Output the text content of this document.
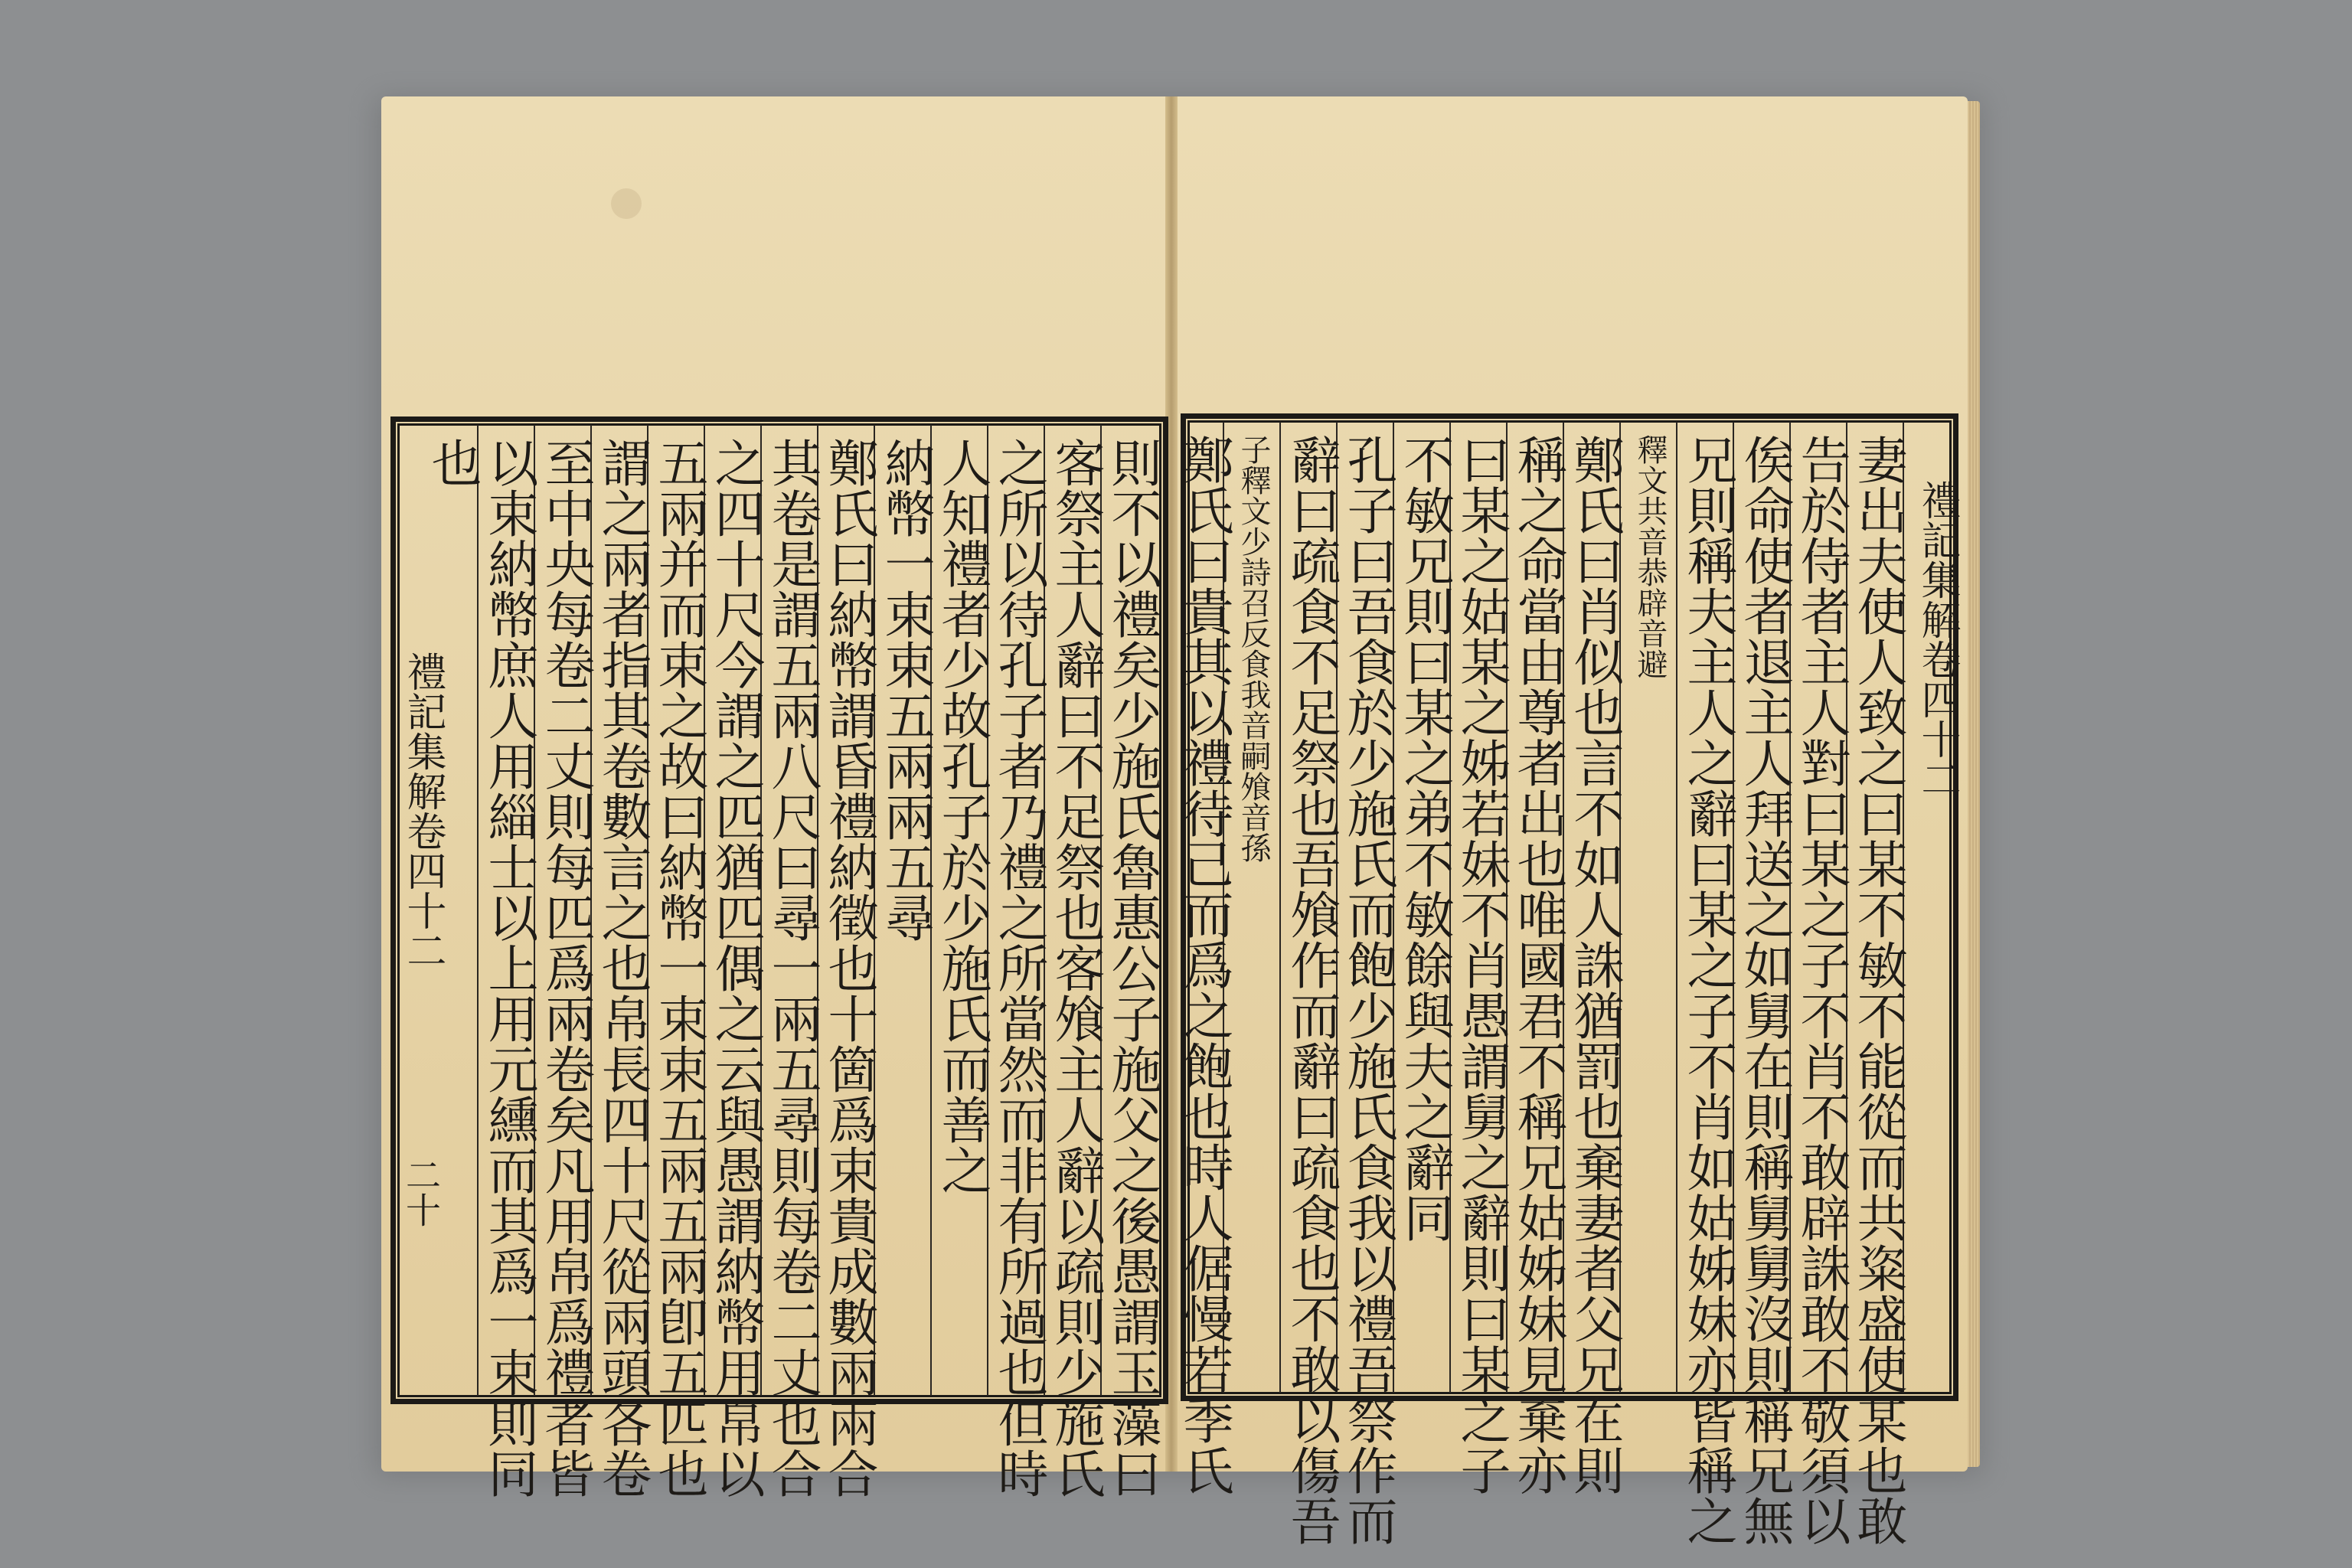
則不以禮矣少施氏魯惠公子施父之後愚謂玉藻曰
客祭主人辭曰不足祭也客飧主人辭以疏則少施氏
之所以待孔子者乃禮之所當然而非有所過也但時
人知禮者少故孔子於少施氏而善之
納幣一束束五兩兩五尋
鄭氏曰納幣謂昏禮納徵也十箇爲束貴成數兩兩合
其卷是謂五兩八尺曰尋一兩五尋則每卷二丈也合
之四十尺今謂之匹猶匹偶之云與愚謂納幣用帛以
五兩并而束之故曰納幣一束束五兩五兩卽五匹也
謂之兩者指其卷數言之也帛長四十尺從兩頭各卷
至中央每卷二丈則每匹爲兩卷矣凡用帛爲禮者皆
以束納幣庶人用緇士以上用元纁而其爲一束則同
也
禮記集解卷四十二
二十
禮記集解卷四十二
妻出夫使人致之曰某不敏不能從而共粢盛使某也敢
告於侍者主人對曰某之子不肖不敢辟誅敢不敬須以
俟命使者退主人拜送之如舅在則稱舅舅沒則稱兄無
兄則稱夫主人之辭曰某之子不肖如姑姊妹亦皆稱之
釋文共音恭辟音避
鄭氏曰肖似也言不如人誅猶罰也棄妻者父兄在則
稱之命當由尊者出也唯國君不稱兄姑姊妹見棄亦
曰某之姑某之姊若妹不肖愚謂舅之辭則曰某之子
不敏兄則曰某之弟不敏餘與夫之辭同
孔子曰吾食於少施氏而飽少施氏食我以禮吾祭作而
辭曰疏食不足祭也吾飧作而辭曰疏食也不敢以傷吾
子釋文少詩召反食我音嗣飧音孫
鄭氏曰貴其以禮待己而爲之飽也時人倨慢若季氏
